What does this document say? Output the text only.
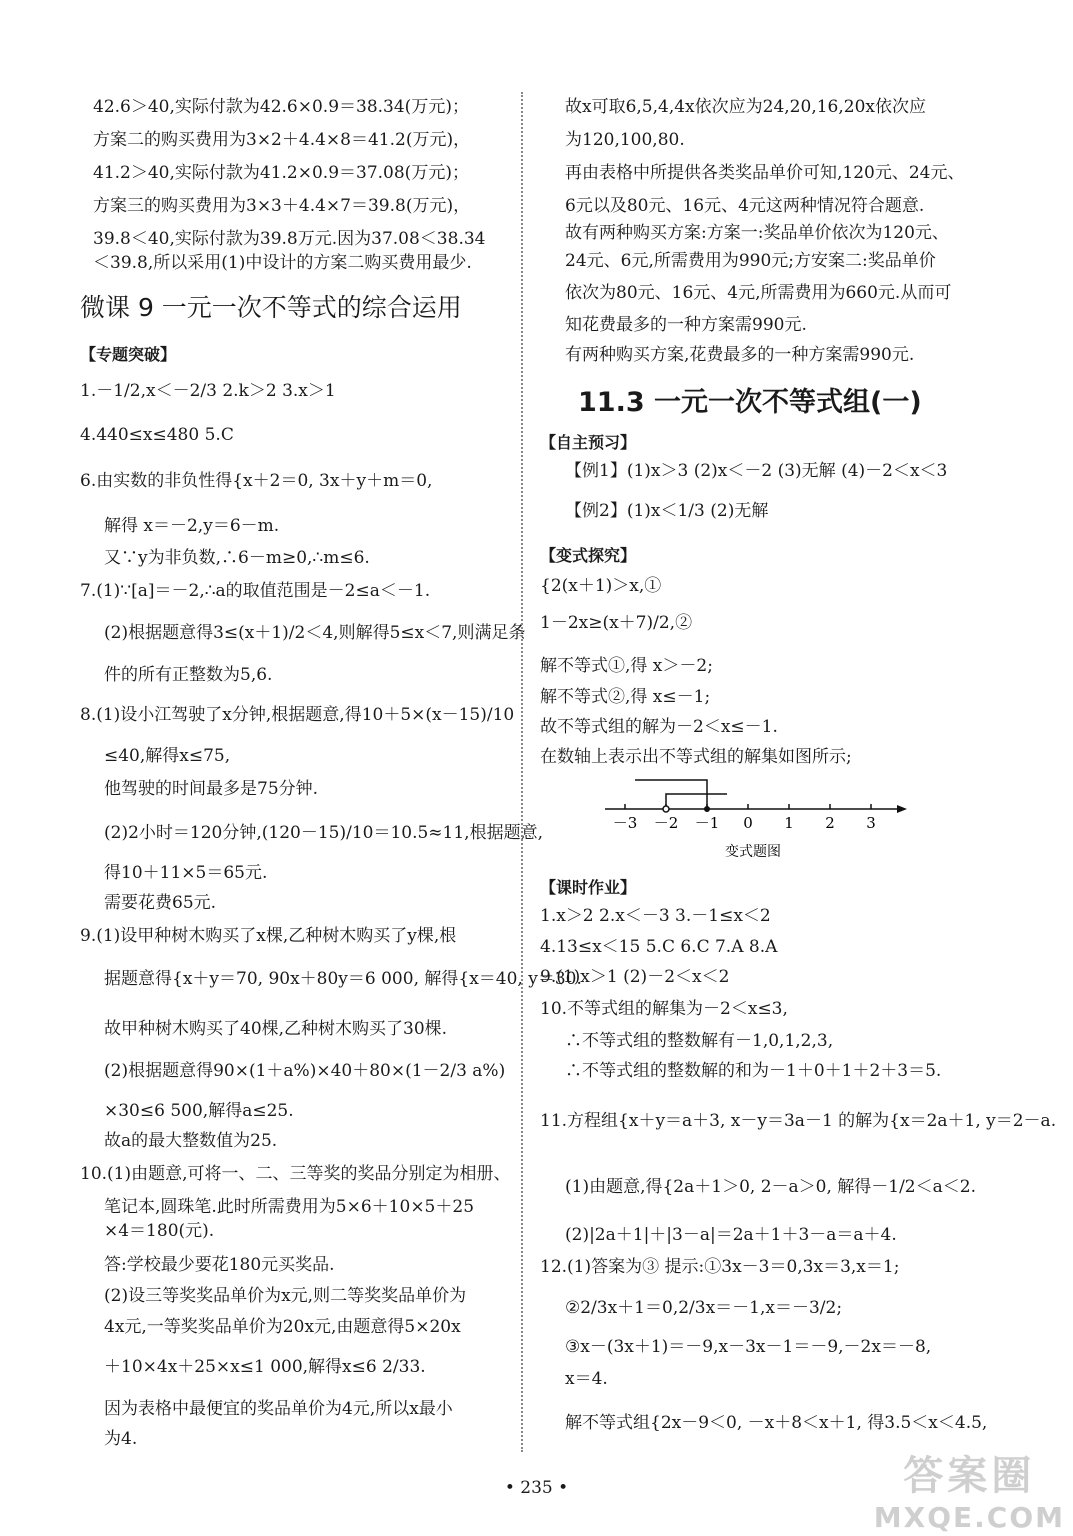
42.6＞40,实际付款为42.6×0.9＝38.34(万元)；
方案二的购买费用为3×2＋4.4×8＝41.2(万元)，
41.2＞40,实际付款为41.2×0.9＝37.08(万元)；
方案三的购买费用为3×3＋4.4×7＝39.8(万元)，
39.8＜40,实际付款为39.8万元.因为37.08＜38.34
＜39.8,所以采用(1)中设计的方案二购买费用最少.
微课 9 一元一次不等式的综合运用
【专题突破】
1.－1/2,x＜－2/3 2.k＞2 3.x＞1
4.440≤x≤480 5.C
6.由实数的非负性得{x＋2＝0, 3x＋y＋m＝0,
解得 x＝－2,y＝6－m.
又∵y为非负数,∴6－m≥0,∴m≤6.
7.(1)∵[a]＝－2,∴a的取值范围是－2≤a＜－1.
(2)根据题意得3≤(x＋1)/2＜4,则解得5≤x＜7,则满足条
件的所有正整数为5,6.
8.(1)设小江驾驶了x分钟,根据题意,得10＋5×(x－15)/10
≤40,解得x≤75,
他驾驶的时间最多是75分钟.
(2)2小时＝120分钟,(120－15)/10＝10.5≈11,根据题意,
得10＋11×5＝65元.
需要花费65元.
9.(1)设甲种树木购买了x棵,乙种树木购买了y棵,根
据题意得{x＋y＝70, 90x＋80y＝6 000, 解得{x＝40, y＝30.
故甲种树木购买了40棵,乙种树木购买了30棵.
(2)根据题意得90×(1＋a%)×40＋80×(1－2/3 a%)
×30≤6 500,解得a≤25.
故a的最大整数值为25.
10.(1)由题意,可将一、二、三等奖的奖品分别定为相册、
笔记本,圆珠笔.此时所需费用为5×6＋10×5＋25
×4＝180(元).
答:学校最少要花180元买奖品.
(2)设三等奖奖品单价为x元,则二等奖奖品单价为
4x元,一等奖奖品单价为20x元,由题意得5×20x
＋10×4x＋25×x≤1 000,解得x≤6 2/33.
因为表格中最便宜的奖品单价为4元,所以x最小
为4.
故x可取6,5,4,4x依次应为24,20,16,20x依次应
为120,100,80.
再由表格中所提供各类奖品单价可知,120元、24元、
6元以及80元、16元、4元这两种情况符合题意.
故有两种购买方案:方案一:奖品单价依次为120元、
24元、6元,所需费用为990元;方安案二:奖品单价
依次为80元、16元、4元,所需费用为660元.从而可
知花费最多的一种方案需990元.
有两种购买方案,花费最多的一种方案需990元.
11.3 一元一次不等式组(一)
【自主预习】
【例1】(1)x＞3 (2)x＜－2 (3)无解 (4)－2＜x＜3
【例2】(1)x＜1/3 (2)无解
【变式探究】
{2(x＋1)＞x,①
1－2x≥(x＋7)/2,②
解不等式①,得 x＞－2;
解不等式②,得 x≤－1;
故不等式组的解为－2＜x≤－1.
在数轴上表示出不等式组的解集如图所示;
－3 －2 －1 0 1 2 3
变式题图
【课时作业】
1.x＞2 2.x＜－3 3.－1≤x＜2
4.13≤x＜15 5.C 6.C 7.A 8.A
9.(1)x＞1 (2)－2＜x＜2
10.不等式组的解集为－2＜x≤3,
∴不等式组的整数解有－1,0,1,2,3,
∴不等式组的整数解的和为－1＋0＋1＋2＋3＝5.
11.方程组{x＋y＝a＋3, x－y＝3a－1 的解为{x＝2a＋1, y＝2－a.
(1)由题意,得{2a＋1＞0, 2－a＞0, 解得－1/2＜a＜2.
(2)|2a＋1|＋|3－a|＝2a＋1＋3－a＝a＋4.
12.(1)答案为③ 提示:①3x－3＝0,3x＝3,x＝1;
②2/3x＋1＝0,2/3x＝－1,x＝－3/2;
③x－(3x＋1)＝－9,x－3x－1＝－9,－2x＝－8,
x＝4.
解不等式组{2x－9＜0, －x＋8＜x＋1, 得3.5＜x＜4.5,
• 235 •	答案圈
MXQE.COM
